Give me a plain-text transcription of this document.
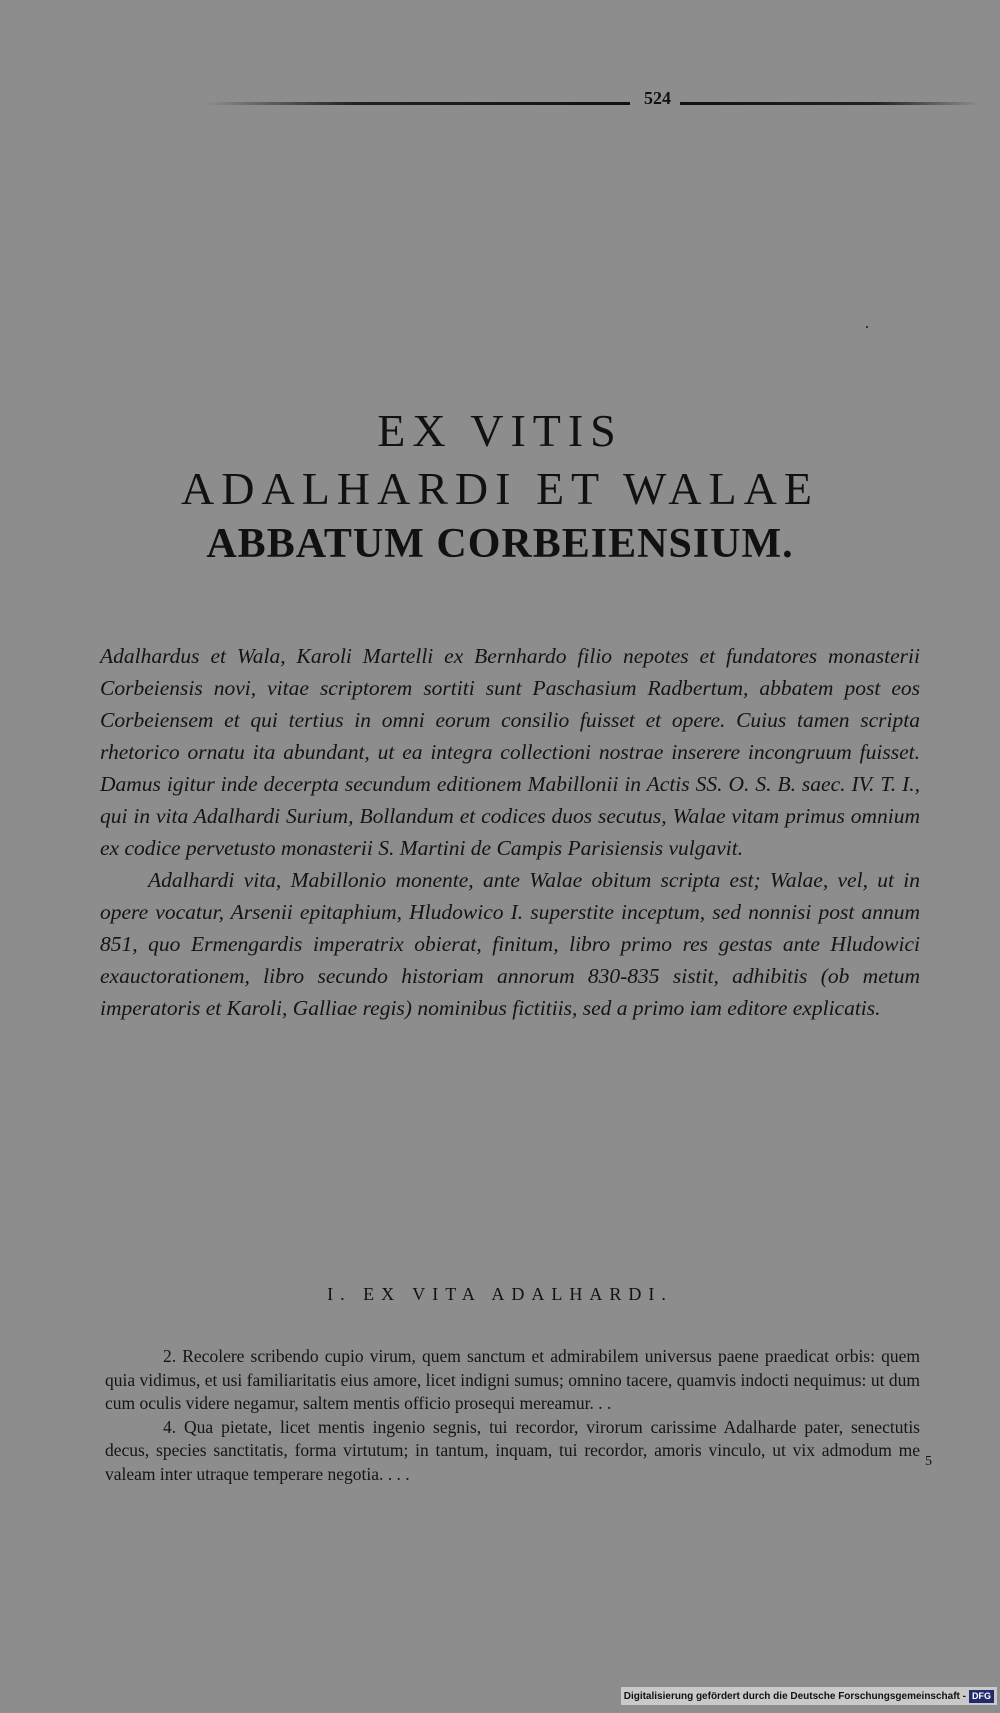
524
EX VITIS
ADALHARDI ET WALAE
ABBATUM CORBEIENSIUM.

Adalhardus et Wala, Karoli Martelli ex Bernhardo filio nepotes et fundatores monasterii Corbeiensis novi, vitae scriptorem sortiti sunt Paschasium Radbertum, abbatem post eos Corbeiensem et qui tertius in omni eorum consilio fuisset et opere. Cuius tamen scripta rhetorico ornatu ita abundant, ut ea integra collectioni nostrae inserere incongruum fuisset. Damus igitur inde decerpta secundum editionem Mabillonii in Actis SS. O. S. B. saec. IV. T. I., qui in vita Adalhardi Surium, Bollandum et codices duos secutus, Walae vitam primus omnium ex codice pervetusto monasterii S. Martini de Campis Parisiensis vulgavit.

Adalhardi vita, Mabillonio monente, ante Walae obitum scripta est; Walae, vel, ut in opere vocatur, Arsenii epitaphium, Hludowico I. superstite inceptum, sed nonnisi post annum 851, quo Ermengardis imperatrix obierat, finitum, libro primo res gestas ante Hludowici exauctorationem, libro secundo historiam annorum 830-835 sistit, adhibitis (ob metum imperatoris et Karoli, Galliae regis) nominibus fictitiis, sed a primo iam editore explicatis.

I. EX VITA ADALHARDI.

2. Recolere scribendo cupio virum, quem sanctum et admirabilem universus paene praedicat orbis: quem quia vidimus, et usi familiaritatis eius amore, licet indigni sumus; omnino tacere, quamvis indocti nequimus: ut dum cum oculis videre negamur, saltem mentis officio prosequi mereamur. . .

4. Qua pietate, licet mentis ingenio segnis, tui recordor, virorum carissime Adalharde pater, senectutis decus, species sanctitatis, forma virtutum; in tantum, inquam, tui recordor, amoris vinculo, ut vix admodum me valeam inter utraque temperare negotia. . . .

5
Digitalisierung gefördert durch die Deutsche Forschungsgemeinschaft - DFG
